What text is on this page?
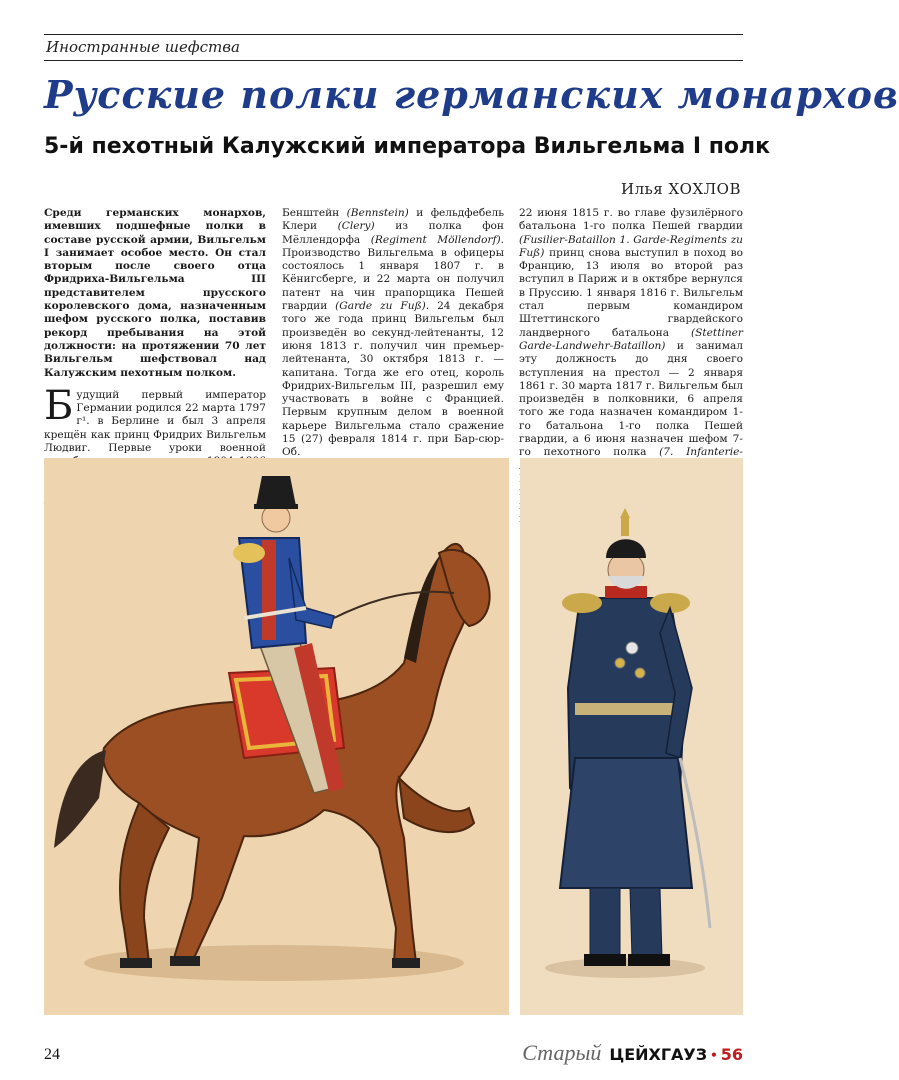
Иностранные шефства
Русские полки германских монархов
5-й пехотный Калужский императора Вильгельма I полк
Илья ХОХЛОВ

Среди германских монархов, имевших подшефные полки в составе русской армии, Вильгельм I занимает особое место. Он стал вторым после своего отца Фридриха-Вильгельма III представителем прусского королевского дома, назначенным шефом русского полка, поставив рекорд пребывания на этой должности: на протяжении 70 лет Вильгельм шефствовал над Калужским пехотным полком.

Будущий первый император Германии родился 22 марта 1797 г¹. в Берлине и был 3 апреля крещён как принц Фридрих Вильгельм Людвиг. Первые уроки военной

Бенштейн (Bennstein) и фельдфебель Клери (Clery) из полка фон Мёллендорфа (Regiment Möllendorf). Производство Вильгельма в офицеры состоялось 1 января 1807 г. в Кёнигсберге, и 22 марта он получил патент на чин прапорщика Пешей гвардии (Garde zu Fuß). 24 декабря того же года принц Вильгельм был произведён во секунд-лейтенанты, 12 июня 1813 г. получил чин премьер-лейтенанта, 30 октября 1813 г. — капитана. Тогда же его отец, король Фридрих-Вильгельм III, разрешил ему участвовать в войне с Францией. Первым крупным делом в военной карьере Вильгельма стало сражение 15 (27) февраля 1814 г. при Бар-сюр-Об.

22 июня 1815 г. во главе фузилёрного батальона 1-го полка Пешей гвардии (Fusilier-Bataillon 1. Garde-Regiments zu Fuß) принц снова выступил в поход во Францию, 13 июля во второй раз вступил в Париж и в октябре вернулся в Пруссию. 1 января 1816 г. Вильгельм стал первым командиром Штеттинского гвардейского ландверного батальона (Stettiner Garde-Landwehr-Bataillon) и занимал эту должность до дня своего вступления на престол — 2 января 1861 г. 30 марта 1817 г. Вильгельм был произведён в полковники, 6 апреля того же года назначен командиром 1-го батальона 1-го полка Пешей гвардии, а 6 июня назначен шефом 7-го пехотного полка (7. Infanterie-

24	Старый ЦЕЙХГАУЗ • 56
